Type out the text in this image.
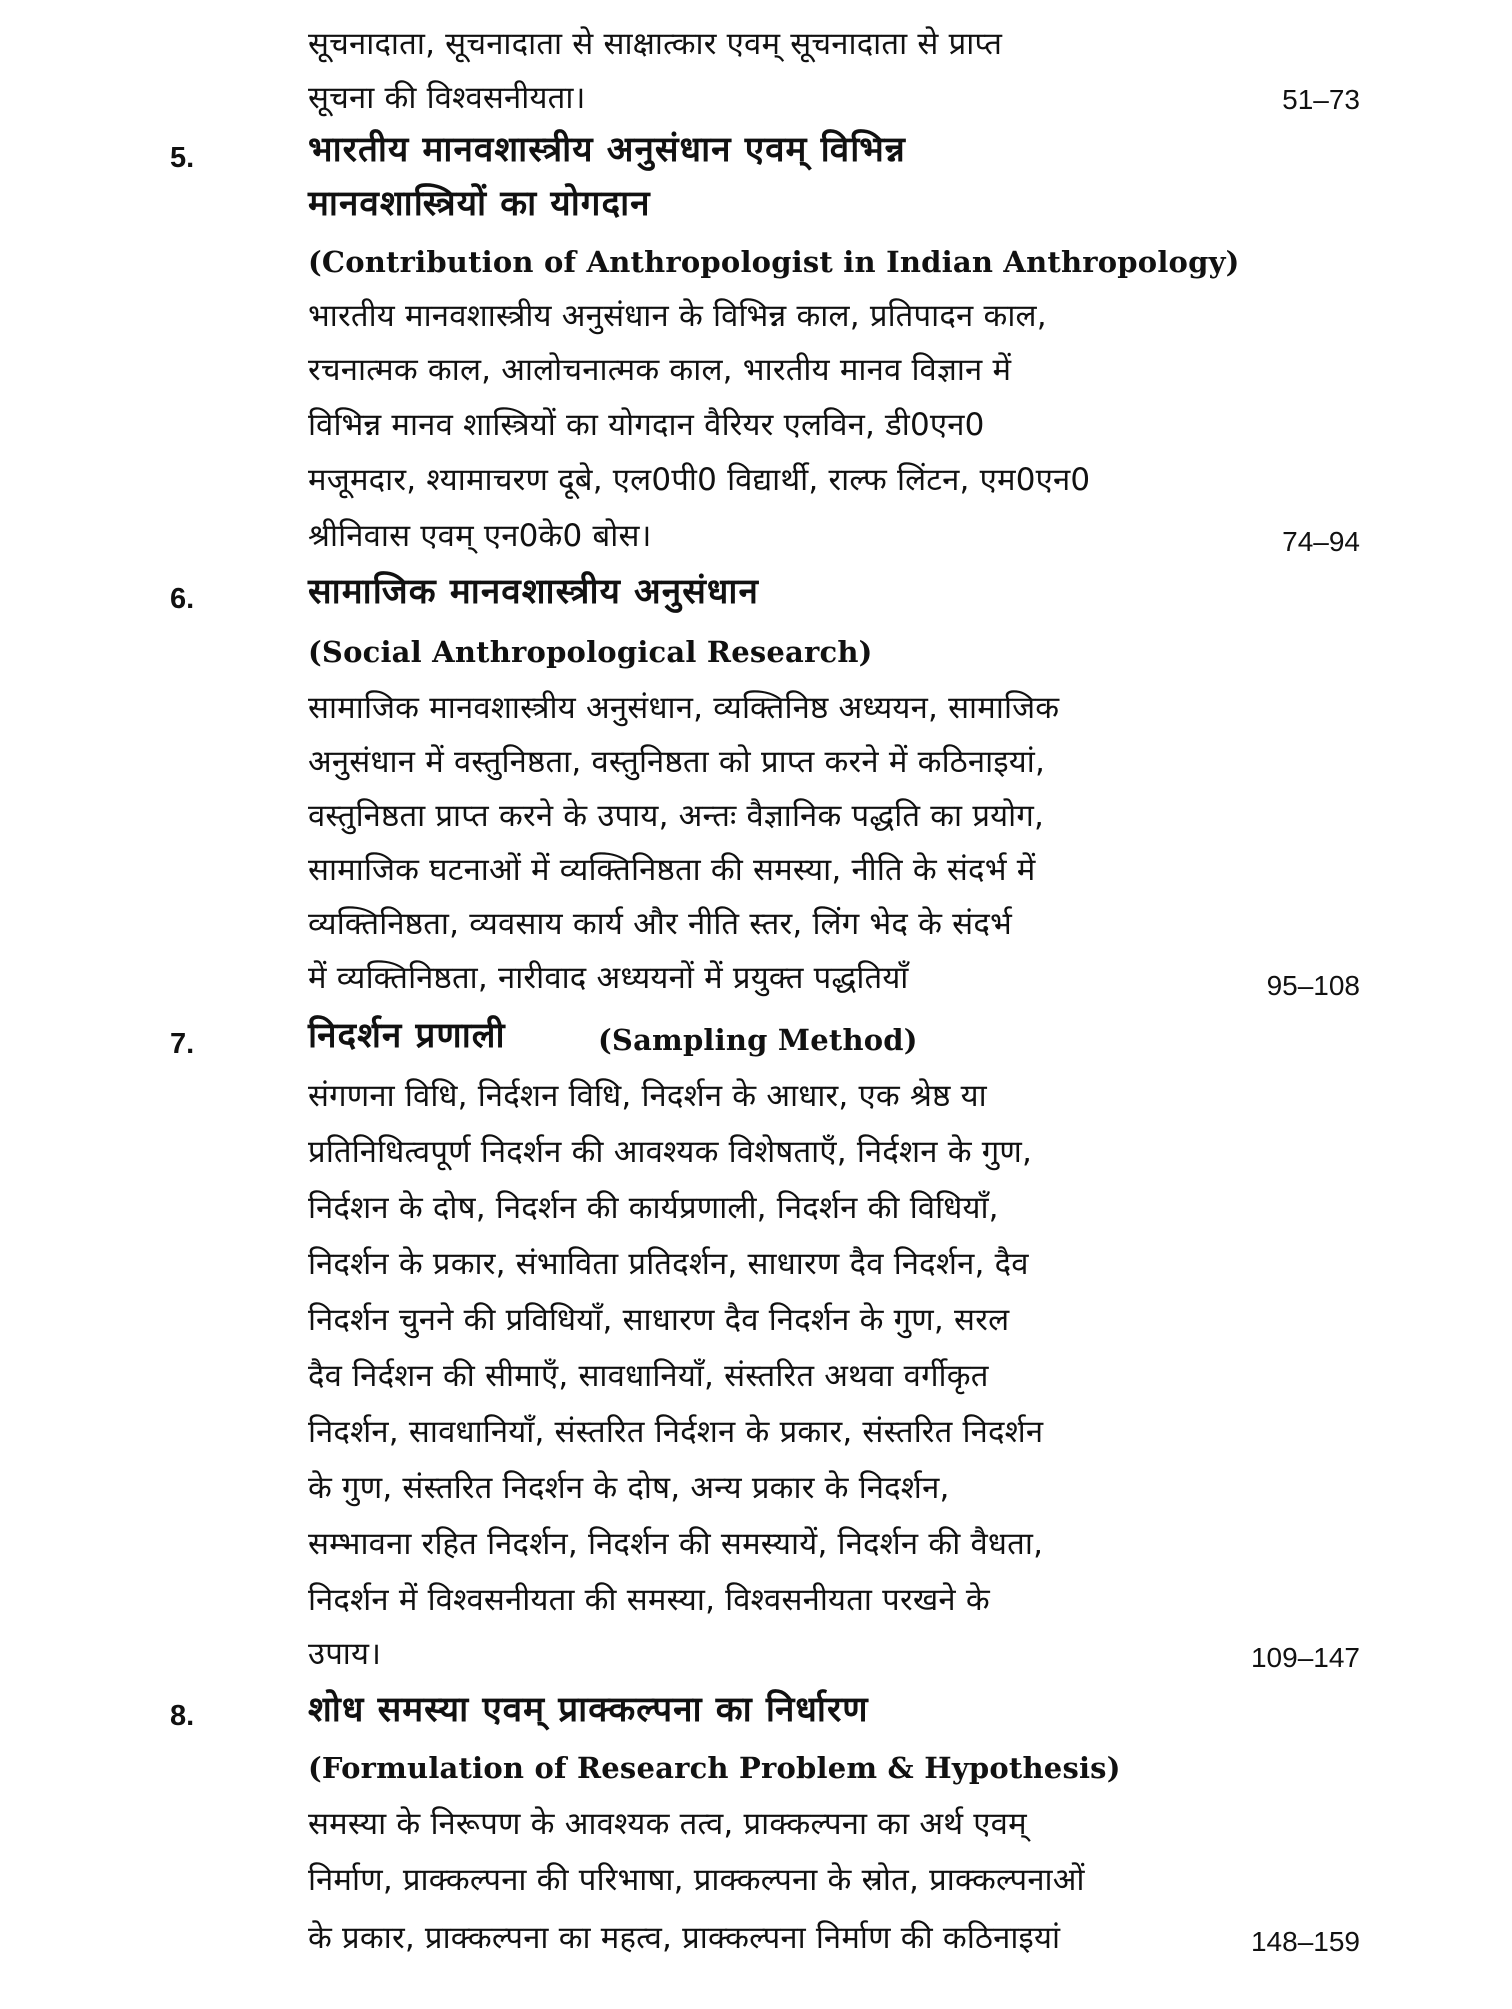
सूचनादाता, सूचनादाता से साक्षात्कार एवम् सूचनादाता से प्राप्त
सूचना की विश्वसनीयता।	51–73
5.	भारतीय मानवशास्त्रीय अनुसंधान एवम् विभिन्न
मानवशास्त्रियों का योगदान
(Contribution of Anthropologist in Indian Anthropology)
भारतीय मानवशास्त्रीय अनुसंधान के विभिन्न काल, प्रतिपादन काल,
रचनात्मक काल, आलोचनात्मक काल, भारतीय मानव विज्ञान में
विभिन्न मानव शास्त्रियों का योगदान वैरियर एलविन, डी0एन0
मजूमदार, श्यामाचरण दूबे, एल0पी0 विद्यार्थी, राल्फ लिंटन, एम0एन0
श्रीनिवास एवम् एन0के0 बोस।	74–94
6.	सामाजिक मानवशास्त्रीय अनुसंधान
(Social Anthropological Research)
सामाजिक मानवशास्त्रीय अनुसंधान, व्यक्तिनिष्ठ अध्ययन, सामाजिक
अनुसंधान में वस्तुनिष्ठता, वस्तुनिष्ठता को प्राप्त करने में कठिनाइयां,
वस्तुनिष्ठता प्राप्त करने के उपाय, अन्तः वैज्ञानिक पद्धति का प्रयोग,
सामाजिक घटनाओं में व्यक्तिनिष्ठता की समस्या, नीति के संदर्भ में
व्यक्तिनिष्ठता, व्यवसाय कार्य और नीति स्तर, लिंग भेद के संदर्भ
में व्यक्तिनिष्ठता, नारीवाद अध्ययनों में प्रयुक्त पद्धतियाँ	95–108
7.	निदर्शन प्रणाली	(Sampling Method)
संगणना विधि, निर्दशन विधि, निदर्शन के आधार, एक श्रेष्ठ या
प्रतिनिधित्वपूर्ण निदर्शन की आवश्यक विशेषताएँ, निर्दशन के गुण,
निर्दशन के दोष, निदर्शन की कार्यप्रणाली, निदर्शन की विधियाँ,
निदर्शन के प्रकार, संभाविता प्रतिदर्शन, साधारण दैव निदर्शन, दैव
निदर्शन चुनने की प्रविधियाँ, साधारण दैव निदर्शन के गुण, सरल
दैव निर्दशन की सीमाएँ, सावधानियाँ, संस्तरित अथवा वर्गीकृत
निदर्शन, सावधानियाँ, संस्तरित निर्दशन के प्रकार, संस्तरित निदर्शन
के गुण, संस्तरित निदर्शन के दोष, अन्य प्रकार के निदर्शन,
सम्भावना रहित निदर्शन, निदर्शन की समस्यायें, निदर्शन की वैधता,
निदर्शन में विश्वसनीयता की समस्या, विश्वसनीयता परखने के
उपाय।	109–147
8.	शोध समस्या एवम् प्राक्कल्पना का निर्धारण
(Formulation of Research Problem & Hypothesis)
समस्या के निरूपण के आवश्यक तत्व, प्राक्कल्पना का अर्थ एवम्
निर्माण, प्राक्कल्पना की परिभाषा, प्राक्कल्पना के स्रोत, प्राक्कल्पनाओं
के प्रकार, प्राक्कल्पना का महत्व, प्राक्कल्पना निर्माण की कठिनाइयां	148–159
